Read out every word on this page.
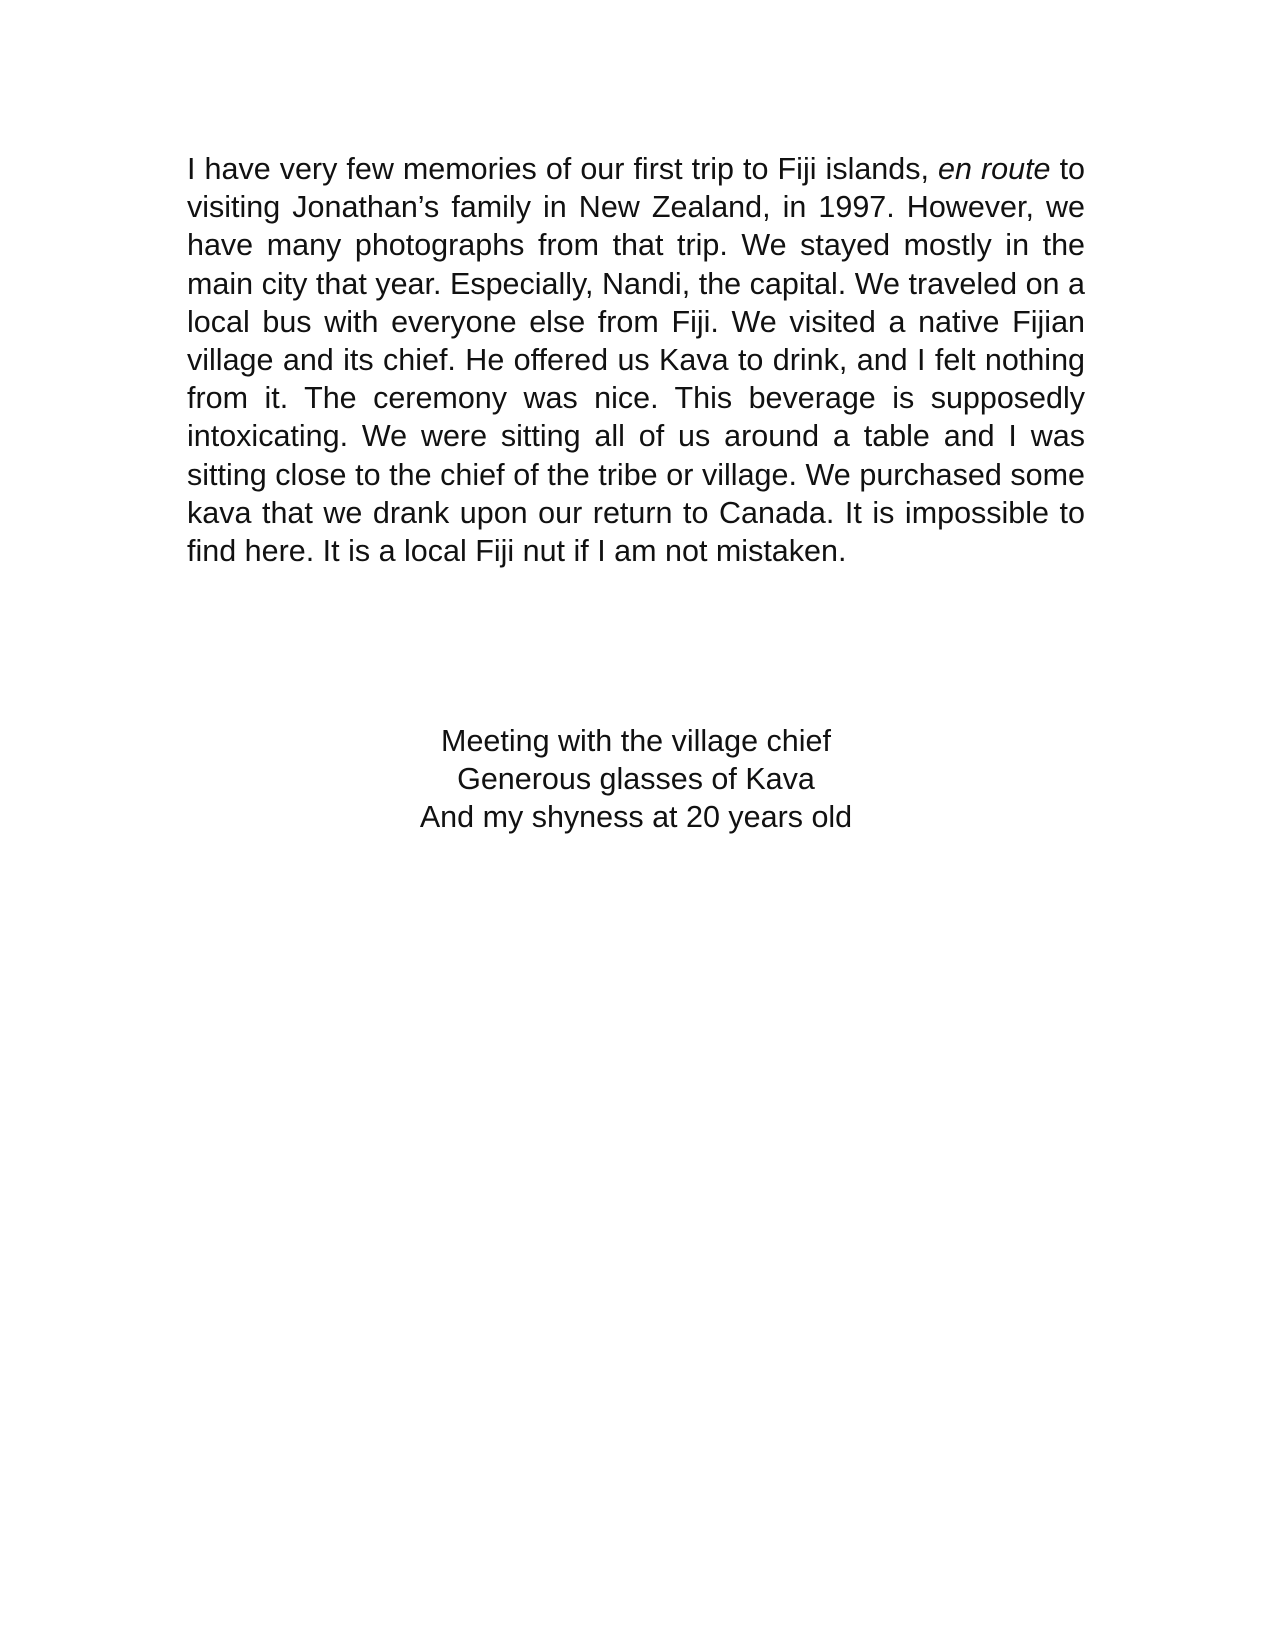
I have very few memories of our first trip to Fiji islands, en route to visiting Jonathan’s family in New Zealand, in 1997. However, we have many photographs from that trip. We stayed mostly in the main city that year. Especially, Nandi, the capital. We traveled on a local bus with everyone else from Fiji. We visited a native Fijian village and its chief. He offered us Kava to drink, and I felt nothing from it. The ceremony was nice. This beverage is supposedly intoxicating. We were sitting all of us around a table and I was sitting close to the chief of the tribe or village. We purchased some kava that we drank upon our return to Canada. It is impossible to find here. It is a local Fiji nut if I am not mistaken.

Meeting with the village chief
Generous glasses of Kava
And my shyness at 20 years old
